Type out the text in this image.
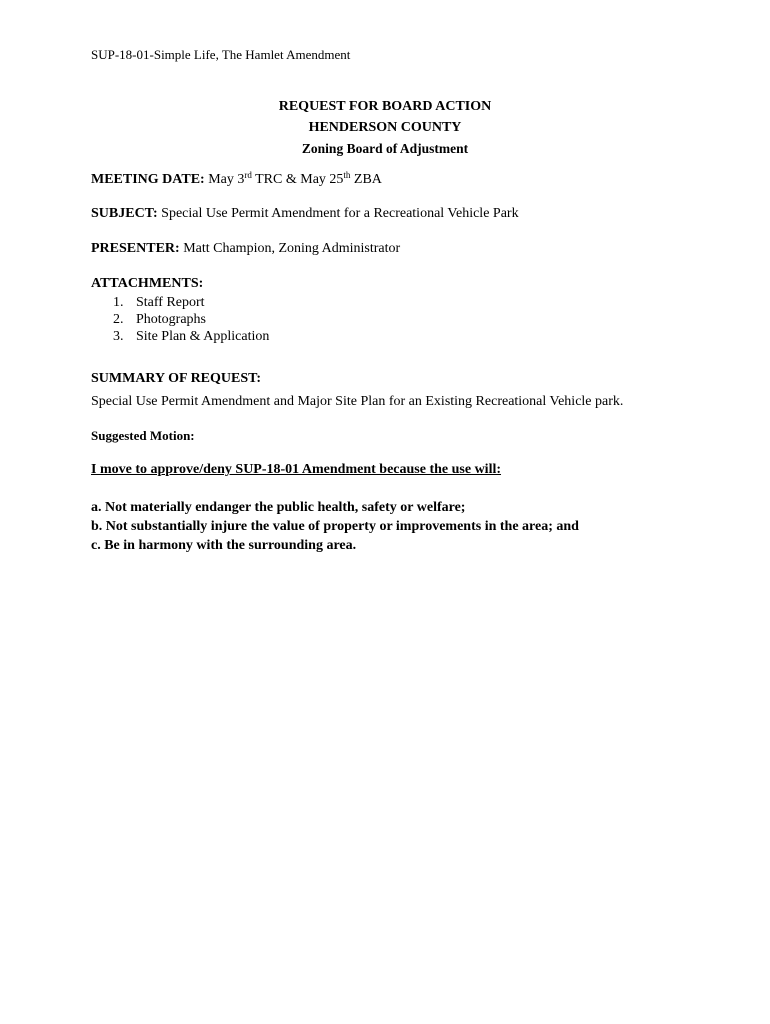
SUP-18-01-Simple Life, The Hamlet Amendment
REQUEST FOR BOARD ACTION
HENDERSON COUNTY
Zoning Board of Adjustment
MEETING DATE: May 3rd TRC & May 25th ZBA
SUBJECT: Special Use Permit Amendment for a Recreational Vehicle Park
PRESENTER: Matt Champion, Zoning Administrator
ATTACHMENTS:
1. Staff Report
2. Photographs
3. Site Plan & Application
SUMMARY OF REQUEST:
Special Use Permit Amendment and Major Site Plan for an Existing Recreational Vehicle park.
Suggested Motion:
I move to approve/deny SUP-18-01 Amendment because the use will:
a. Not materially endanger the public health, safety or welfare;
b. Not substantially injure the value of property or improvements in the area; and
c. Be in harmony with the surrounding area.
